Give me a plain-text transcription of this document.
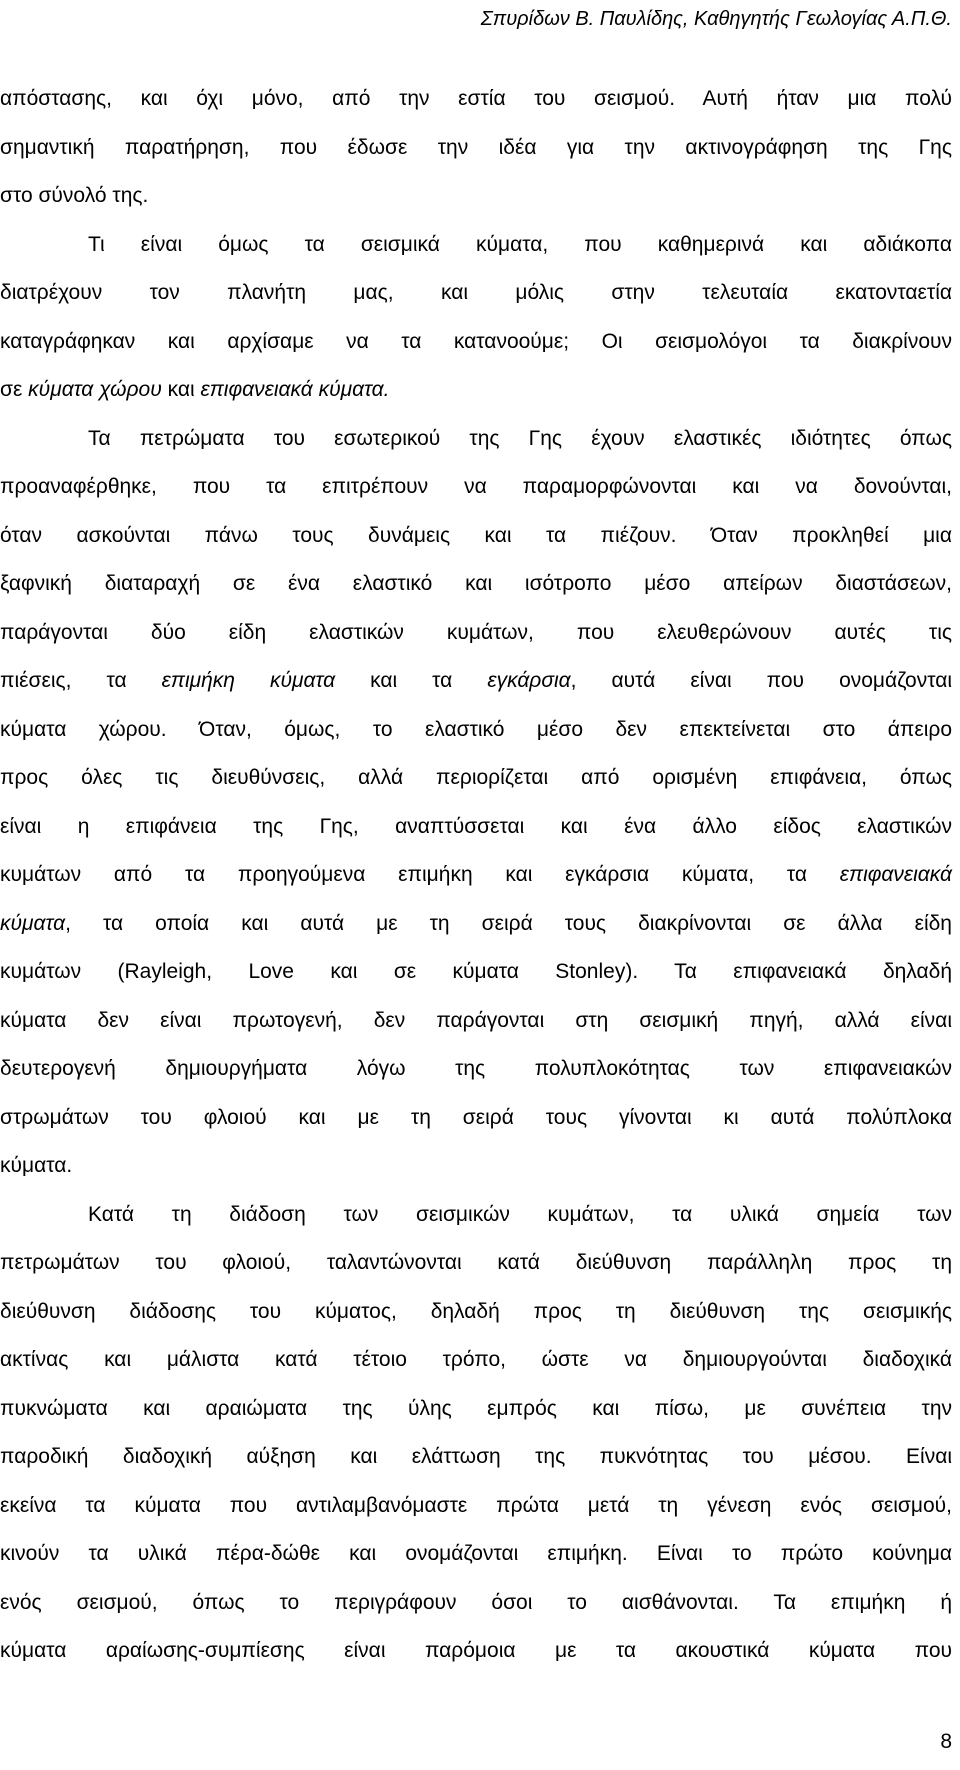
Σπυρίδων Β. Παυλίδης, Καθηγητής Γεωλογίας Α.Π.Θ.
απόστασης, και όχι μόνο, από την εστία του σεισμού. Αυτή ήταν μια πολύ
σημαντική παρατήρηση, που έδωσε την ιδέα για την ακτινογράφηση της Γης
στο σύνολό της.
Τι είναι όμως τα σεισμικά κύματα, που καθημερινά και αδιάκοπα
διατρέχουν τον πλανήτη μας, και μόλις στην τελευταία εκατονταετία
καταγράφηκαν και αρχίσαμε να τα κατανοούμε; Οι σεισμολόγοι τα διακρίνουν
σε κύματα χώρου και επιφανειακά κύματα.
Τα πετρώματα του εσωτερικού της Γης έχουν ελαστικές ιδιότητες όπως
προαναφέρθηκε, που τα επιτρέπουν να παραμορφώνονται και να δονούνται,
όταν ασκούνται πάνω τους δυνάμεις και τα πιέζουν. Όταν προκληθεί μια
ξαφνική διαταραχή σε ένα ελαστικό και ισότροπο μέσο απείρων διαστάσεων,
παράγονται δύο είδη ελαστικών κυμάτων, που ελευθερώνουν αυτές τις
πιέσεις, τα επιμήκη κύματα και τα εγκάρσια, αυτά είναι που ονομάζονται
κύματα χώρου. Όταν, όμως, το ελαστικό μέσο δεν επεκτείνεται στο άπειρο
προς όλες τις διευθύνσεις, αλλά περιορίζεται από ορισμένη επιφάνεια, όπως
είναι η επιφάνεια της Γης, αναπτύσσεται και ένα άλλο είδος ελαστικών
κυμάτων από τα προηγούμενα επιμήκη και εγκάρσια κύματα, τα επιφανειακά
κύματα, τα οποία και αυτά με τη σειρά τους διακρίνονται σε άλλα είδη
κυμάτων (Rayleigh, Love και σε κύματα Stonley). Τα επιφανειακά δηλαδή
κύματα δεν είναι πρωτογενή, δεν παράγονται στη σεισμική πηγή, αλλά είναι
δευτερογενή δημιουργήματα λόγω της πολυπλοκότητας των επιφανειακών
στρωμάτων του φλοιού και με τη σειρά τους γίνονται κι αυτά πολύπλοκα
κύματα.
Κατά τη διάδοση των σεισμικών κυμάτων, τα υλικά σημεία των
πετρωμάτων του φλοιού, ταλαντώνονται κατά διεύθυνση παράλληλη προς τη
διεύθυνση διάδοσης του κύματος, δηλαδή προς τη διεύθυνση της σεισμικής
ακτίνας και μάλιστα κατά τέτοιο τρόπο, ώστε να δημιουργούνται διαδοχικά
πυκνώματα και αραιώματα της ύλης εμπρός και πίσω, με συνέπεια την
παροδική διαδοχική αύξηση και ελάττωση της πυκνότητας του μέσου. Είναι
εκείνα τα κύματα που αντιλαμβανόμαστε πρώτα μετά τη γένεση ενός σεισμού,
κινούν τα υλικά πέρα-δώθε και ονομάζονται επιμήκη. Είναι το πρώτο κούνημα
ενός σεισμού, όπως το περιγράφουν όσοι το αισθάνονται. Τα επιμήκη ή
κύματα αραίωσης-συμπίεσης είναι παρόμοια με τα ακουστικά κύματα που
8
